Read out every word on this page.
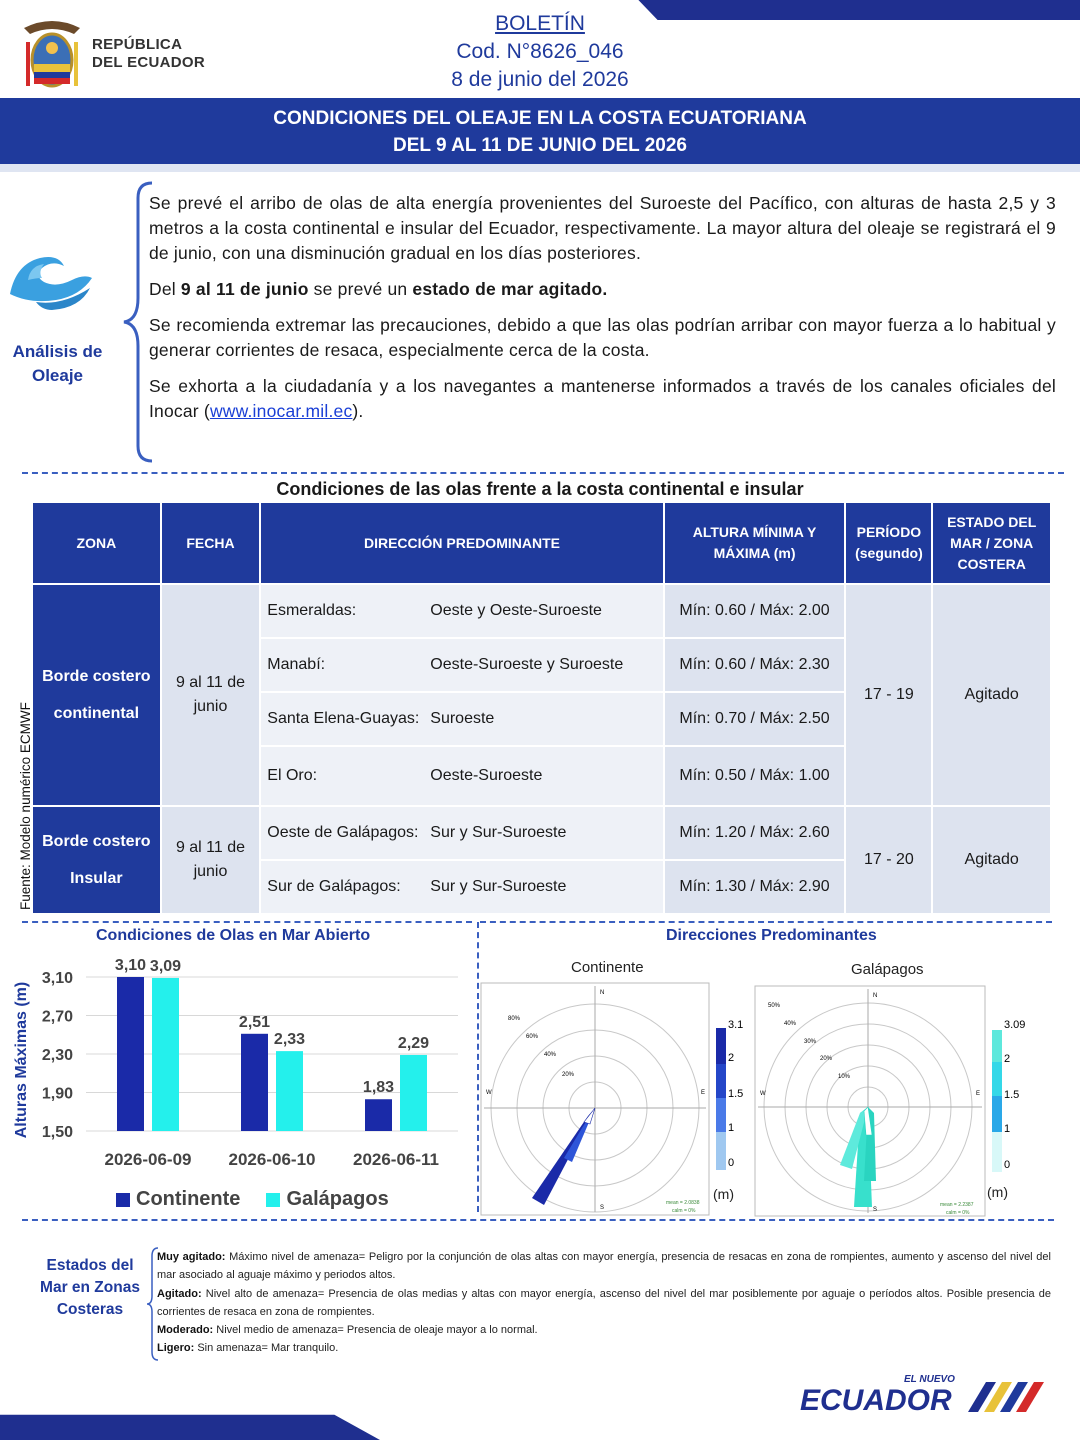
REPÚBLICA
DEL ECUADOR
BOLETÍN
Cod. N°8626_046
8 de junio del 2026
CONDICIONES DEL OLEAJE EN LA COSTA ECUATORIANA
DEL 9 AL 11 DE JUNIO DEL 2026
Análisis de Oleaje

Se prevé el arribo de olas de alta energía provenientes del Suroeste del Pacífico, con alturas de hasta 2,5 y 3 metros a la costa continental e insular del Ecuador, respectivamente. La mayor altura del oleaje se registrará el 9 de junio, con una disminución gradual en los días posteriores.

Del 9 al 11 de junio se prevé un estado de mar agitado.

Se recomienda extremar las precauciones, debido a que las olas podrían arribar con mayor fuerza a lo habitual y generar corrientes de resaca, especialmente cerca de la costa.

Se exhorta a la ciudadanía y a los navegantes a mantenerse informados a través de los canales oficiales del Inocar (www.inocar.mil.ec).

Condiciones de las olas frente a la costa continental e insular
Fuente: Modelo numérico ECMWF
ZONA	FECHA	DIRECCIÓN PREDOMINANTE	ALTURA MÍNIMA Y MÁXIMA (m)	PERÍODO (segundo)	ESTADO DEL MAR / ZONA COSTERA
Borde costero continental	9 al 11 de junio	Esmeraldas: Oeste y Oeste-Suroeste	Mín: 0.60 / Máx: 2.00	17 - 19	Agitado

		Manabí: Oeste-Suroeste y Suroeste	Mín: 0.60 / Máx: 2.30		

		Santa Elena-Guayas: Suroeste	Mín: 0.70 / Máx: 2.50		

		El Oro: Oeste-Suroeste	Mín: 0.50 / Máx: 1.00		
Borde costero Insular	9 al 11 de junio	Oeste de Galápagos: Sur y Sur-Suroeste	Mín: 1.20 / Máx: 2.60	17 - 20	Agitado

		Sur de Galápagos: Sur y Sur-Suroeste	Mín: 1.30 / Máx: 2.90		
Condiciones de Olas en Mar Abierto
Alturas Máximas (m) 1,50
1,90
2,30
2,70
3,10
3,10 3,09
2,51
2,33
1,83
2,29
2026-06-09 2026-06-10 2026-06-11
Continente Galápagos
Direcciones Predominantes
Continente	Galápagos
80%
60%
40%
20%
N
E
S
W
mean = 2.0838
calm = 0%
3.1
2
1.5
1
0
(m)
50%
40%
30%
20%
10%
N
E
S
W
mean = 2.2387
calm = 0%
3.09
2
1.5
1
0
(m)
Estados del Mar en Zonas Costeras
Muy agitado: Máximo nivel de amenaza= Peligro por la conjunción de olas altas con mayor energía, presencia de resacas en zona de rompientes, aumento y ascenso del nivel del mar asociado al aguaje máximo y periodos altos.
Agitado: Nivel alto de amenaza= Presencia de olas medias y altas con mayor energía, ascenso del nivel del mar posiblemente por aguaje o períodos altos. Posible presencia de corrientes de resaca en zona de rompientes.
Moderado: Nivel medio de amenaza= Presencia de oleaje mayor a lo normal.
Ligero: Sin amenaza= Mar tranquilo.
EL NUEVO
ECUADOR
